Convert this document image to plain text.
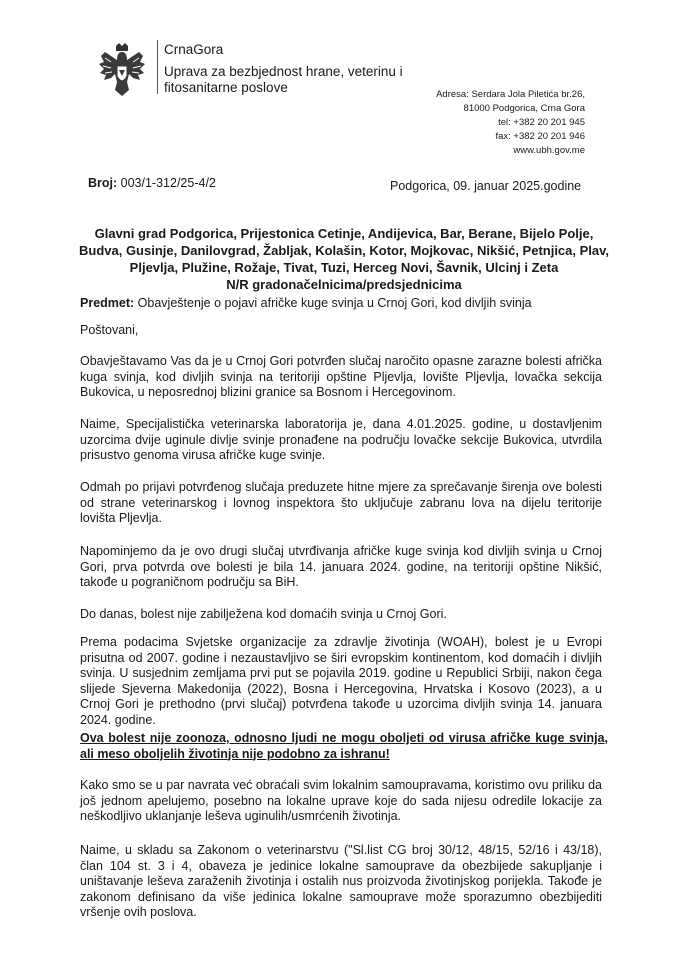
CrnaGora
Uprava za bezbjednost hrane, veterinu i fitosanitarne poslove	Adresa: Serdara Jola Piletića br.26,
81000 Podgorica, Crna Gora
tel: +382 20 201 945
fax: +382 20 201 946
www.ubh.gov.me
Broj: 003/1-312/25-4/2	Podgorica, 09. januar 2025.godine
Glavni grad Podgorica, Prijestonica Cetinje, Andijevica, Bar, Berane, Bijelo Polje,
Budva, Gusinje, Danilovgrad, Žabljak, Kolašin, Kotor, Mojkovac, Nikšić, Petnjica, Plav,
Pljevlja, Plužine, Rožaje, Tivat, Tuzi, Herceg Novi, Šavnik, Ulcinj i Zeta
N/R gradonačelnicima/predsjednicima
Predmet: Obavještenje o pojavi afričke kuge svinja u Crnoj Gori, kod divljih svinja
Poštovani,
Obavještavamo Vas da je u Crnoj Gori potvrđen slučaj naročito opasne zarazne bolesti afrička kuga svinja, kod divljih svinja na teritoriji opštine Pljevlja, lovište Pljevlja, lovačka sekcija Bukovica, u neposrednoj blizini granice sa Bosnom i Hercegovinom.
Naime, Specijalistička veterinarska laboratorija je, dana 4.01.2025. godine, u dostavljenim uzorcima dvije uginule divlje svinje pronađene na području lovačke sekcije Bukovica, utvrdila prisustvo genoma virusa afričke kuge svinje.
Odmah po prijavi potvrđenog slučaja preduzete hitne mjere za sprečavanje širenja ove bolesti od strane veterinarskog i lovnog inspektora što uključuje zabranu lova na dijelu teritorije lovišta Pljevlja.
Napominjemo da je ovo drugi slučaj utvrđivanja afričke kuge svinja kod divljih svinja u Crnoj Gori, prva potvrda ove bolesti je bila 14. januara 2024. godine, na teritoriji opštine Nikšić, takođe u pograničnom području sa BiH.
Do danas, bolest nije zabilježena kod domaćih svinja u Crnoj Gori.
Prema podacima Svjetske organizacije za zdravlje životinja (WOAH), bolest je u Evropi prisutna od 2007. godine i nezaustavljivo se širi evropskim kontinentom, kod domaćih i divljih svinja. U susjednim zemljama prvi put se pojavila 2019. godine u Republici Srbiji, nakon čega slijede Sjeverna Makedonija (2022), Bosna i Hercegovina, Hrvatska i Kosovo (2023), a u Crnoj Gori je prethodno (prvi slučaj) potvrđena takođe u uzorcima divljih svinja 14. januara 2024. godine.
Ova bolest nije zoonoza, odnosno ljudi ne mogu oboljeti od virusa afričke kuge svinja, ali meso oboljelih životinja nije podobno za ishranu!
Kako smo se u par navrata već obraćali svim lokalnim samoupravama, koristimo ovu priliku da još jednom apelujemo, posebno na lokalne uprave koje do sada nijesu odredile lokacije za neškodljivo uklanjanje leševa uginulih/usmrćenih životinja.
Naime, u skladu sa Zakonom o veterinarstvu ("Sl.list CG broj 30/12, 48/15, 52/16 i 43/18), član 104 st. 3 i 4, obaveza je jedinice lokalne samouprave da obezbijede sakupljanje i uništavanje leševa zaraženih životinja i ostalih nus proizvoda životinjskog porijekla. Takođe je zakonom definisano da više jedinica lokalne samouprave može sporazumno obezbijediti vršenje ovih poslova.
